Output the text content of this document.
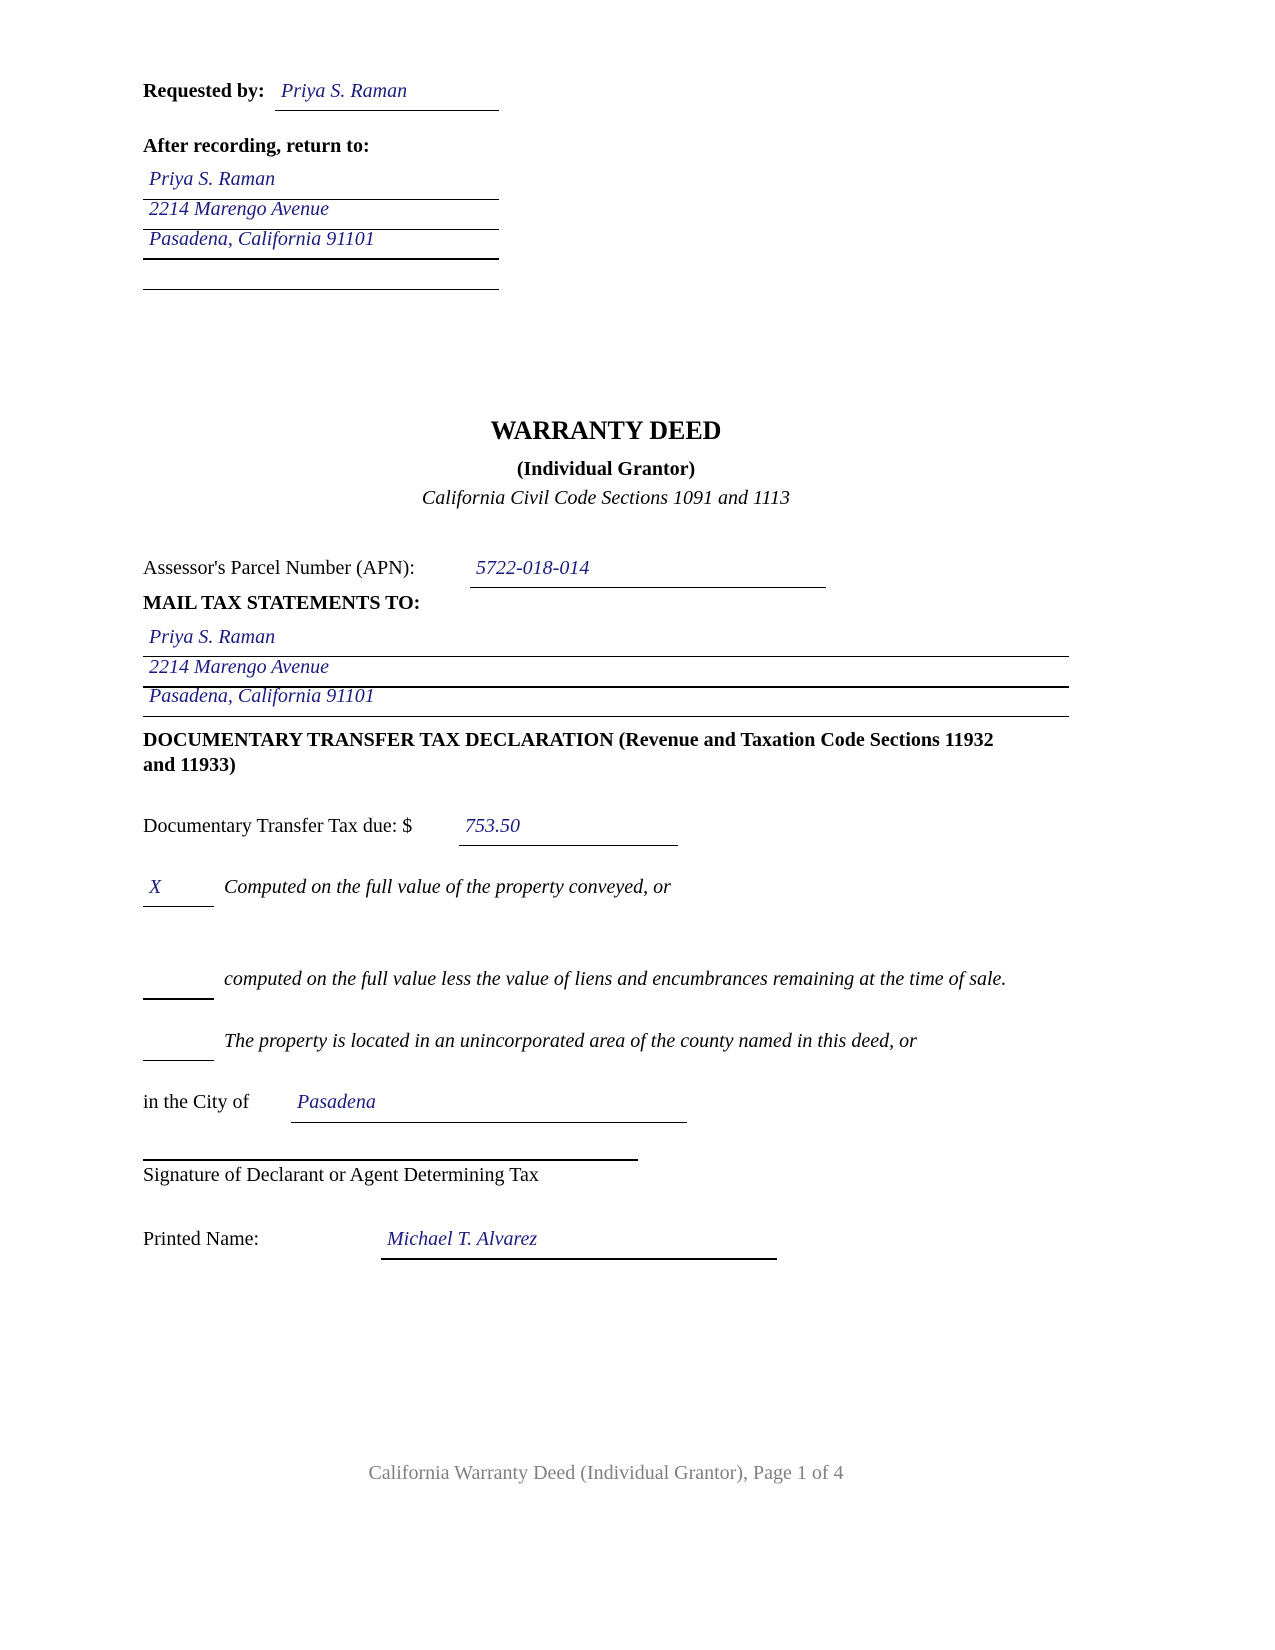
Requested by: Priya S. Raman
After recording, return to:
Priya S. Raman
2214 Marengo Avenue
Pasadena, California 91101
WARRANTY DEED
(Individual Grantor)
California Civil Code Sections 1091 and 1113
Assessor's Parcel Number (APN):	5722-018-014
MAIL TAX STATEMENTS TO:
Priya S. Raman
2214 Marengo Avenue
Pasadena, California 91101
DOCUMENTARY TRANSFER TAX DECLARATION (Revenue and Taxation Code Sections 11932
and 11933)
Documentary Transfer Tax due: $	753.50
X	Computed on the full value of the property conveyed, or
computed on the full value less the value of liens and encumbrances remaining at the time of sale.
The property is located in an unincorporated area of the county named in this deed, or
in the City of Pasadena
Signature of Declarant or Agent Determining Tax
Printed Name:	Michael T. Alvarez
California Warranty Deed (Individual Grantor), Page 1 of 4
